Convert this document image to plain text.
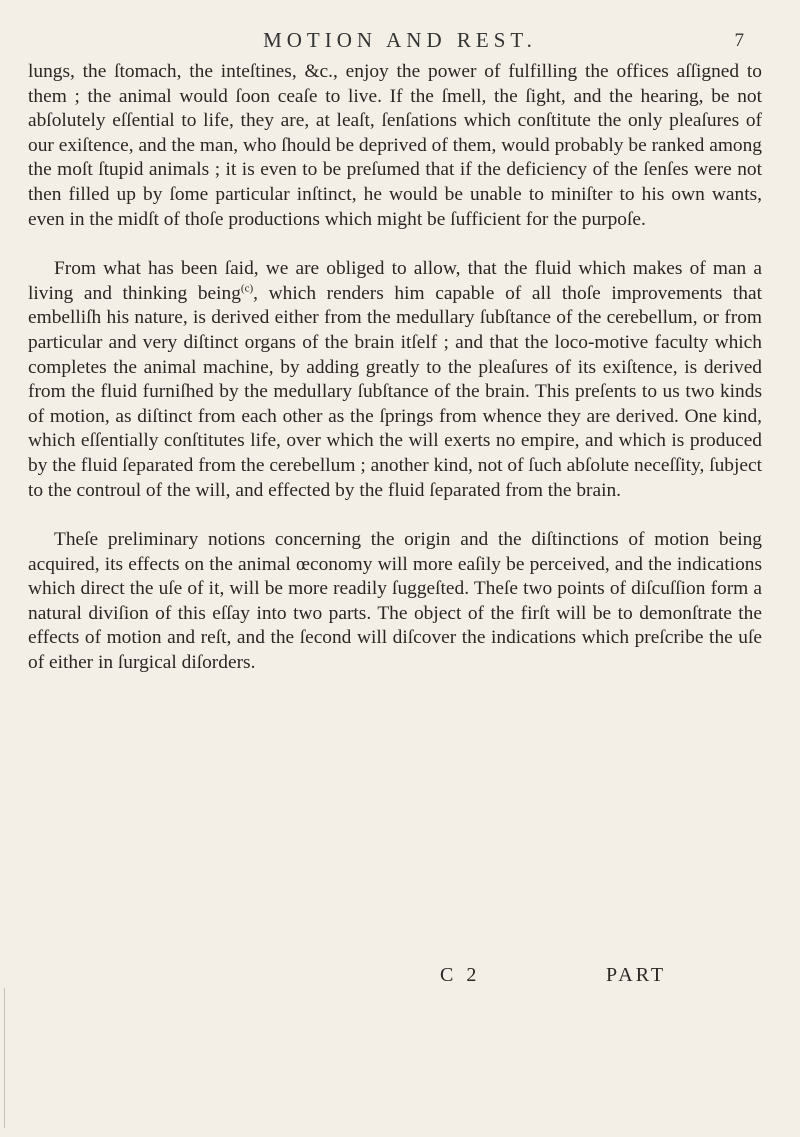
MOTION AND REST.	7

lungs, the ſtomach, the inteſtines, &c., enjoy the power of fulfilling the offices aſſigned to them ; the animal would ſoon ceaſe to live. If the ſmell, the ſight, and the hearing, be not abſolutely eſſential to life, they are, at leaſt, ſenſations which conſtitute the only pleaſures of our exiſtence, and the man, who ſhould be deprived of them, would probably be ranked among the moſt ſtupid animals ; it is even to be preſumed that if the deficiency of the ſenſes were not then filled up by ſome particular inſtinct, he would be unable to miniſter to his own wants, even in the midſt of thoſe productions which might be ſufficient for the purpoſe.

From what has been ſaid, we are obliged to allow, that the fluid which makes of man a living and thinking being$^{(c)}$, which renders him capable of all thoſe improvements that embelliſh his nature, is derived either from the medullary ſubſtance of the cerebellum, or from particular and very diſtinct organs of the brain itſelf ; and that the loco-motive faculty which completes the animal machine, by adding greatly to the pleaſures of its exiſtence, is derived from the fluid furniſhed by the medullary ſubſtance of the brain. This preſents to us two kinds of motion, as diſtinct from each other as the ſprings from whence they are derived. One kind, which eſſentially conſtitutes life, over which the will exerts no empire, and which is produced by the fluid ſeparated from the cerebellum ; another kind, not of ſuch abſolute neceſſity, ſubject to the controul of the will, and effected by the fluid ſeparated from the brain.

Theſe preliminary notions concerning the origin and the diſtinctions of motion being acquired, its effects on the animal œconomy will more eaſily be perceived, and the indications which direct the uſe of it, will be more readily ſuggeſted. Theſe two points of diſcuſſion form a natural diviſion of this eſſay into two parts. The object of the firſt will be to demonſtrate the effects of motion and reſt, and the ſecond will diſcover the indications which preſcribe the uſe of either in ſurgical diſorders.

C 2	PART
